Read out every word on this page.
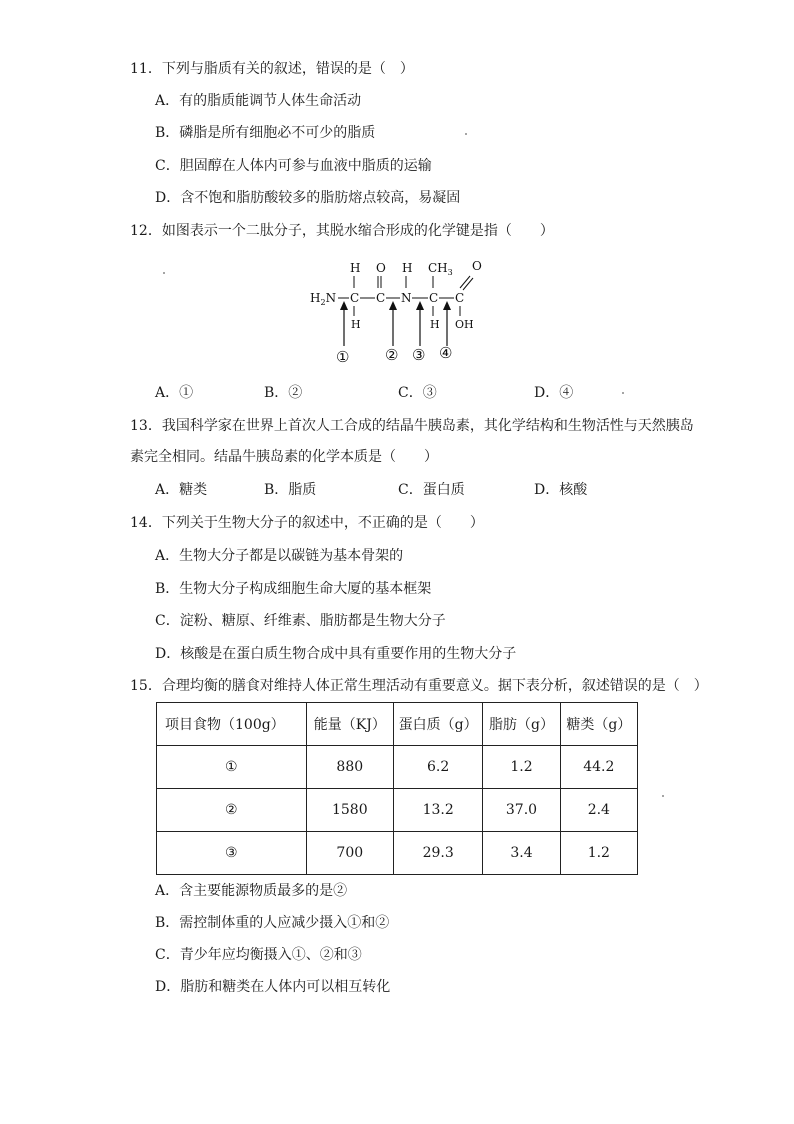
11．下列与脂质有关的叙述，错误的是（　）
A．有的脂质能调节人体生命活动
B．磷脂是所有细胞必不可少的脂质
C．胆固醇在人体内可参与血液中脂质的运输
D．含不饱和脂肪酸较多的脂肪熔点较高，易凝固
12．如图表示一个二肽分子，其脱水缩合形成的化学键是指（　　）
H O H $CH_3$ O
$H_2N$ C C N C C
H	H OH
① ② ③ ④
A．①	B．②	C．③	D．④
13．我国科学家在世界上首次人工合成的结晶牛胰岛素，其化学结构和生物活性与天然胰岛
素完全相同。结晶牛胰岛素的化学本质是（　　）
A．糖类	B．脂质	C．蛋白质	D．核酸
14．下列关于生物大分子的叙述中，不正确的是（　　）
A．生物大分子都是以碳链为基本骨架的
B．生物大分子构成细胞生命大厦的基本框架
C．淀粉、糖原、纤维素、脂肪都是生物大分子
D．核酸是在蛋白质生物合成中具有重要作用的生物大分子
15．合理均衡的膳食对维持人体正常生理活动有重要意义。据下表分析，叙述错误的是（　）
项目食物（100g）	能量（KJ）	蛋白质（g）	脂肪（g）	糖类（g）
①	880	6.2	1.2	44.2
②	1580	13.2	37.0	2.4
③	700	29.3	3.4	1.2
A．含主要能源物质最多的是②
B．需控制体重的人应减少摄入①和②
C．青少年应均衡摄入①、②和③
D．脂肪和糖类在人体内可以相互转化
